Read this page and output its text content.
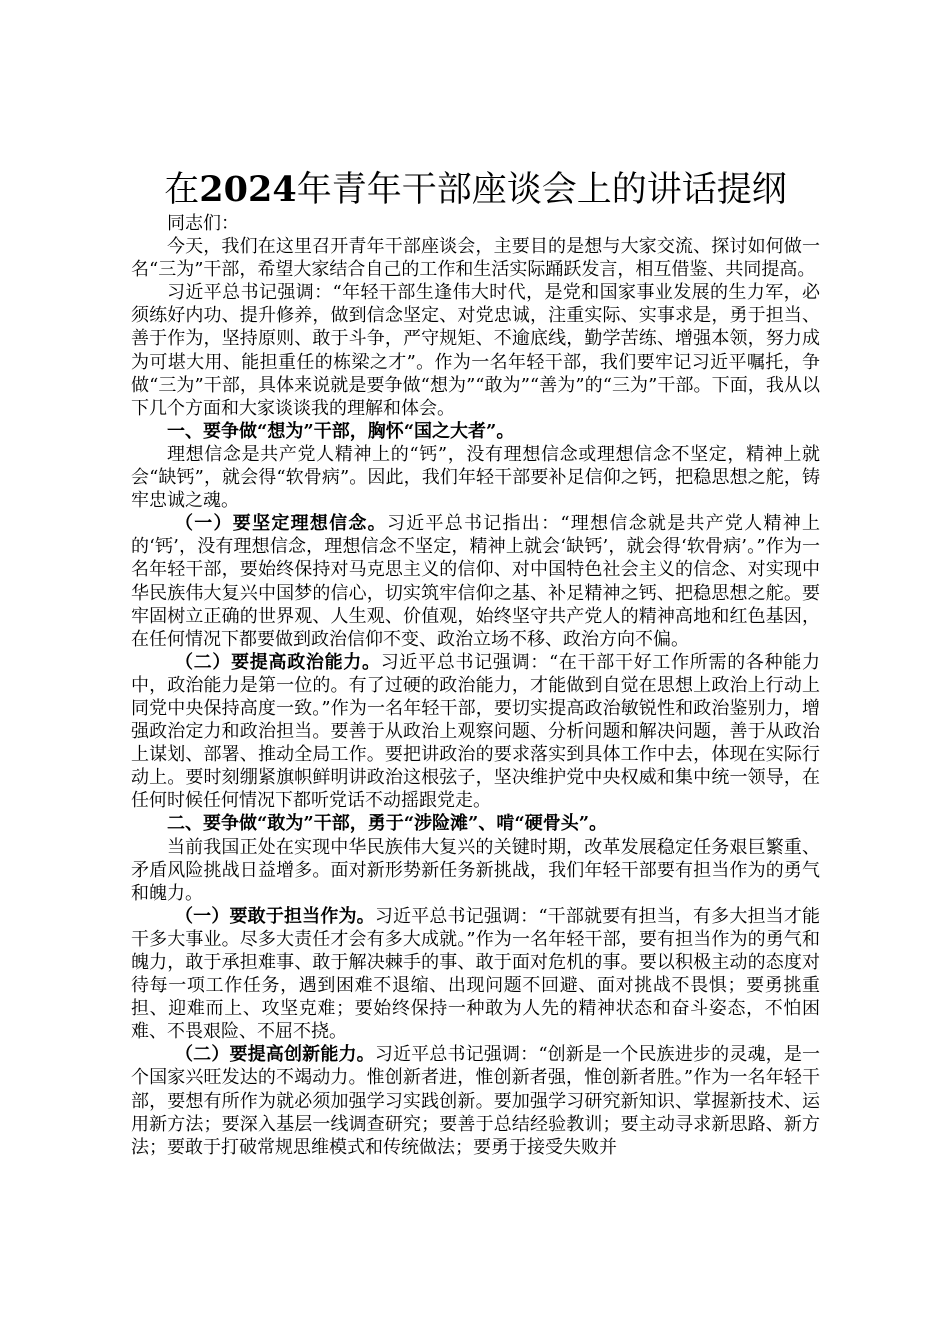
在2024年青年干部座谈会上的讲话提纲

同志们：

今天，我们在这里召开青年干部座谈会，主要目的是想与大家交流、探讨如何做一名“三为”干部，希望大家结合自己的工作和生活实际踊跃发言，相互借鉴、共同提高。

习近平总书记强调：“年轻干部生逢伟大时代，是党和国家事业发展的生力军，必须练好内功、提升修养，做到信念坚定、对党忠诚，注重实际、实事求是，勇于担当、善于作为，坚持原则、敢于斗争，严守规矩、不逾底线，勤学苦练、增强本领，努力成为可堪大用、能担重任的栋梁之才”。作为一名年轻干部，我们要牢记习近平嘱托，争做“三为”干部，具体来说就是要争做“想为”“敢为”“善为”的“三为”干部。下面，我从以下几个方面和大家谈谈我的理解和体会。

一、要争做“想为”干部，胸怀“国之大者”。

理想信念是共产党人精神上的“钙”，没有理想信念或理想信念不坚定，精神上就会“缺钙”，就会得“软骨病”。因此，我们年轻干部要补足信仰之钙，把稳思想之舵，铸牢忠诚之魂。

（一）要坚定理想信念。习近平总书记指出：“理想信念就是共产党人精神上的‘钙’，没有理想信念，理想信念不坚定，精神上就会‘缺钙’，就会得‘软骨病’。”作为一名年轻干部，要始终保持对马克思主义的信仰、对中国特色社会主义的信念、对实现中华民族伟大复兴中国梦的信心，切实筑牢信仰之基、补足精神之钙、把稳思想之舵。要牢固树立正确的世界观、人生观、价值观，始终坚守共产党人的精神高地和红色基因，在任何情况下都要做到政治信仰不变、政治立场不移、政治方向不偏。

（二）要提高政治能力。习近平总书记强调：“在干部干好工作所需的各种能力中，政治能力是第一位的。有了过硬的政治能力，才能做到自觉在思想上政治上行动上同党中央保持高度一致。”作为一名年轻干部，要切实提高政治敏锐性和政治鉴别力，增强政治定力和政治担当。要善于从政治上观察问题、分析问题和解决问题，善于从政治上谋划、部署、推动全局工作。要把讲政治的要求落实到具体工作中去，体现在实际行动上。要时刻绷紧旗帜鲜明讲政治这根弦子，坚决维护党中央权威和集中统一领导，在任何时候任何情况下都听党话不动摇跟党走。

二、要争做“敢为”干部，勇于“涉险滩”、啃“硬骨头”。

当前我国正处在实现中华民族伟大复兴的关键时期，改革发展稳定任务艰巨繁重、矛盾风险挑战日益增多。面对新形势新任务新挑战，我们年轻干部要有担当作为的勇气和魄力。

（一）要敢于担当作为。习近平总书记强调：“干部就要有担当，有多大担当才能干多大事业。尽多大责任才会有多大成就。”作为一名年轻干部，要有担当作为的勇气和魄力，敢于承担难事、敢于解决棘手的事、敢于面对危机的事。要以积极主动的态度对待每一项工作任务，遇到困难不退缩、出现问题不回避、面对挑战不畏惧；要勇挑重担、迎难而上、攻坚克难；要始终保持一种敢为人先的精神状态和奋斗姿态，不怕困难、不畏艰险、不屈不挠。

（二）要提高创新能力。习近平总书记强调：“创新是一个民族进步的灵魂，是一个国家兴旺发达的不竭动力。惟创新者进，惟创新者强，惟创新者胜。”作为一名年轻干部，要想有所作为就必须加强学习实践创新。要加强学习研究新知识、掌握新技术、运用新方法；要深入基层一线调查研究；要善于总结经验教训；要主动寻求新思路、新方法；要敢于打破常规思维模式和传统做法；要勇于接受失败并
